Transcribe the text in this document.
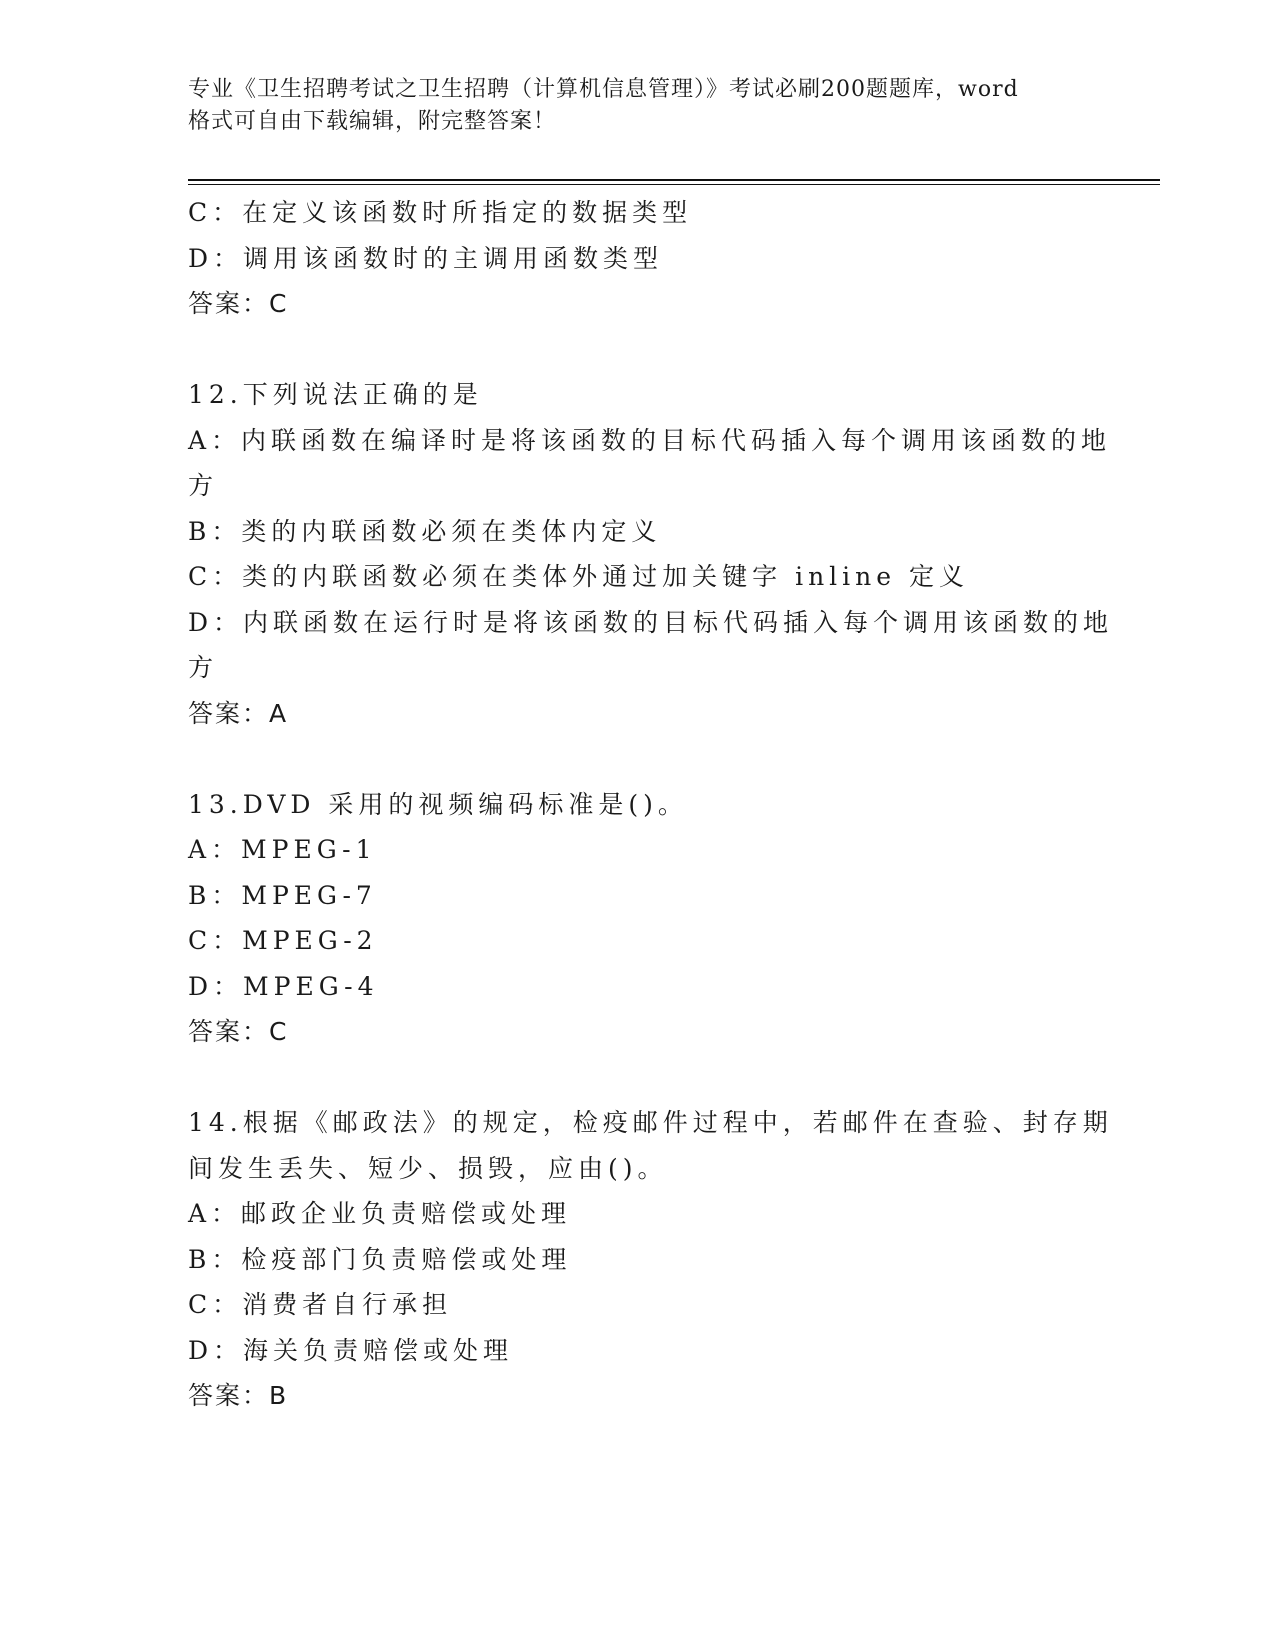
专业《卫生招聘考试之卫生招聘（计算机信息管理）》考试必刷200题题库，word
格式可自由下载编辑，附完整答案！
C：在定义该函数时所指定的数据类型
D：调用该函数时的主调用函数类型
答案：C
12.下列说法正确的是
A：内联函数在编译时是将该函数的目标代码插入每个调用该函数的地
方
B：类的内联函数必须在类体内定义
C：类的内联函数必须在类体外通过加关键字 inline 定义
D：内联函数在运行时是将该函数的目标代码插入每个调用该函数的地
方
答案：A
13.DVD 采用的视频编码标准是()。
A：MPEG-1
B：MPEG-7
C：MPEG-2
D：MPEG-4
答案：C
14.根据《邮政法》的规定，检疫邮件过程中，若邮件在查验、封存期
间发生丢失、短少、损毁，应由()。
A：邮政企业负责赔偿或处理
B：检疫部门负责赔偿或处理
C：消费者自行承担
D：海关负责赔偿或处理
答案：B
